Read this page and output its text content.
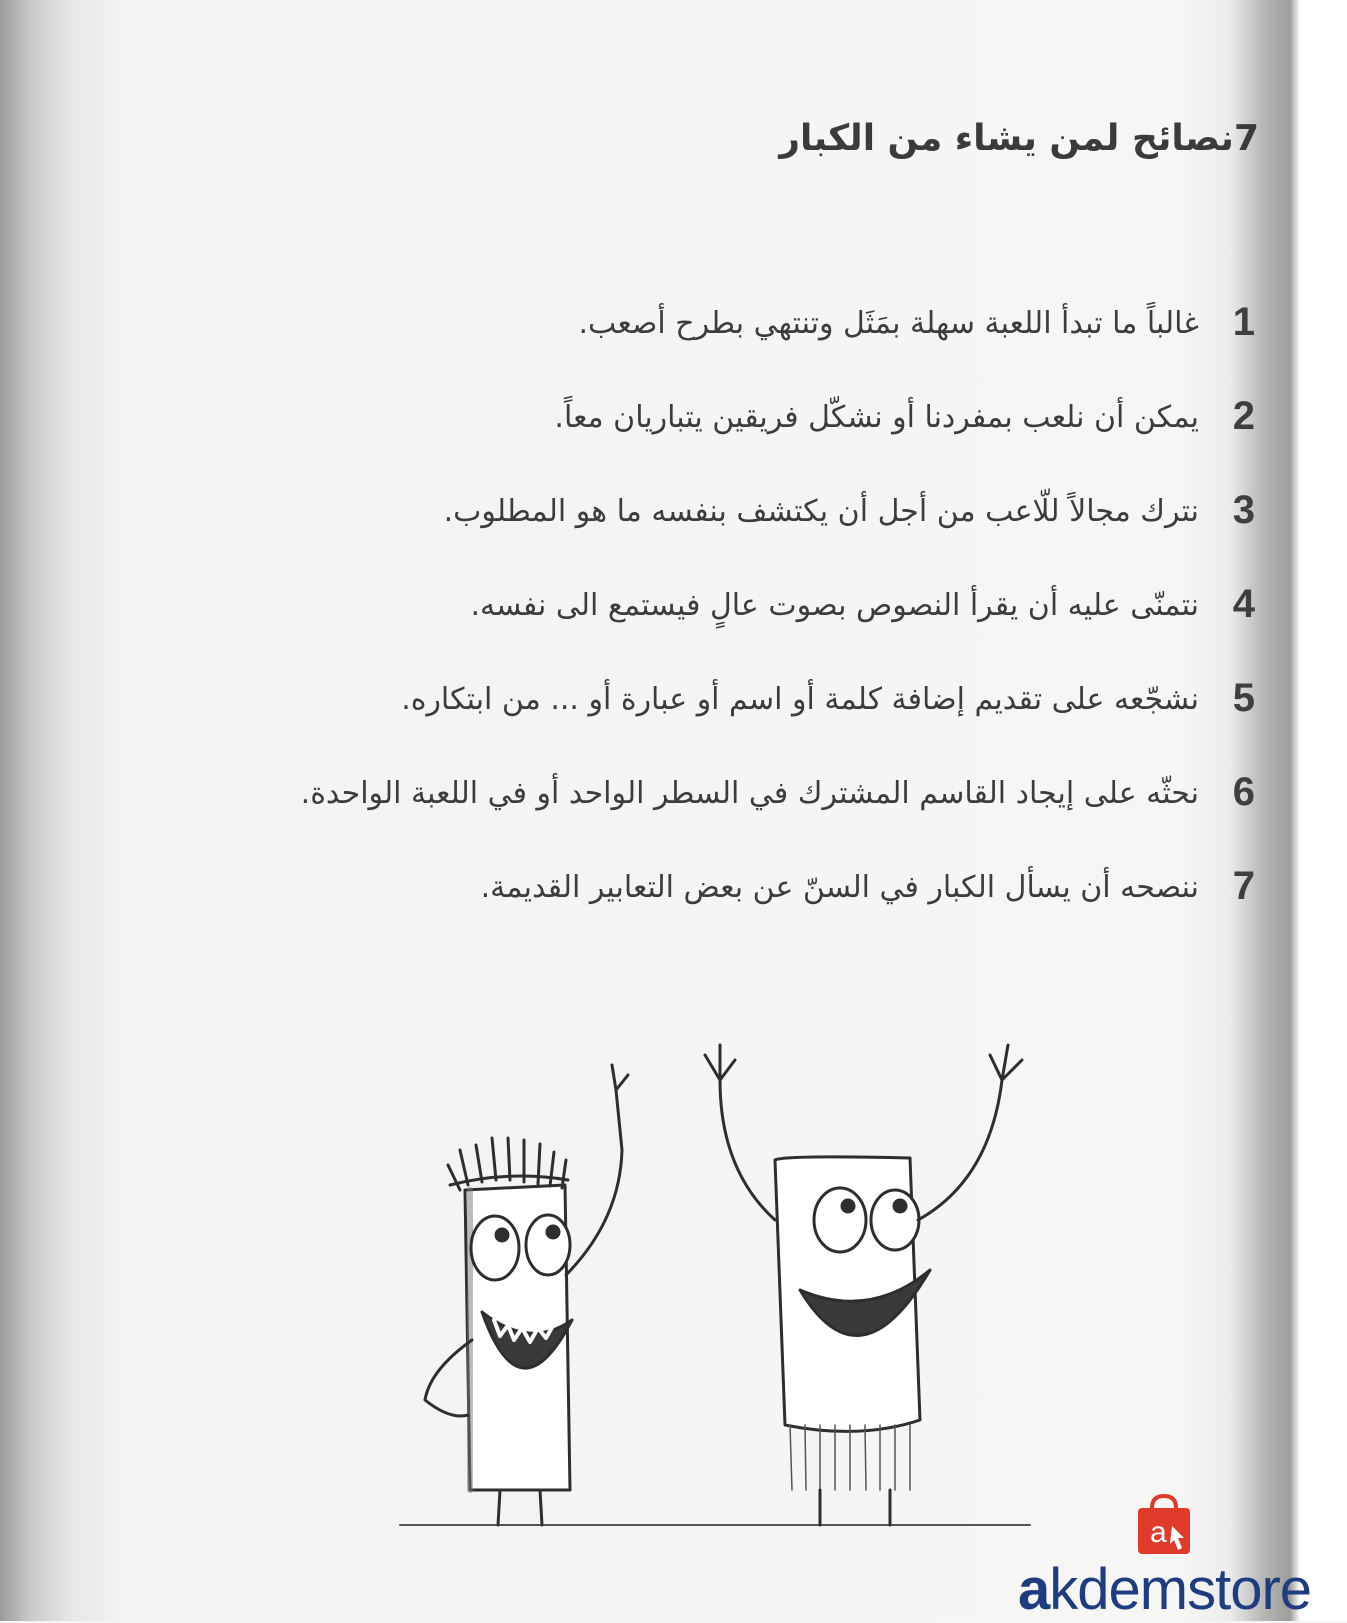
7نصائح لمن يشاء من الكبار
1
غالباً ما تبدأ اللعبة سهلة بمَثَل وتنتهي بطرح أصعب.
2
يمكن أن نلعب بمفردنا أو نشكّل فريقين يتباريان معاً.
3
نترك مجالاً للّاعب من أجل أن يكتشف بنفسه ما هو المطلوب.
4
نتمنّى عليه أن يقرأ النصوص بصوت عالٍ فيستمع الى نفسه.
5
نشجّعه على تقديم إضافة كلمة أو اسم أو عبارة أو ... من ابتكاره.
6
نحثّه على إيجاد القاسم المشترك في السطر الواحد أو في اللعبة الواحدة.
7
ننصحه أن يسأل الكبار في السنّ عن بعض التعابير القديمة.
a
akdemstore
